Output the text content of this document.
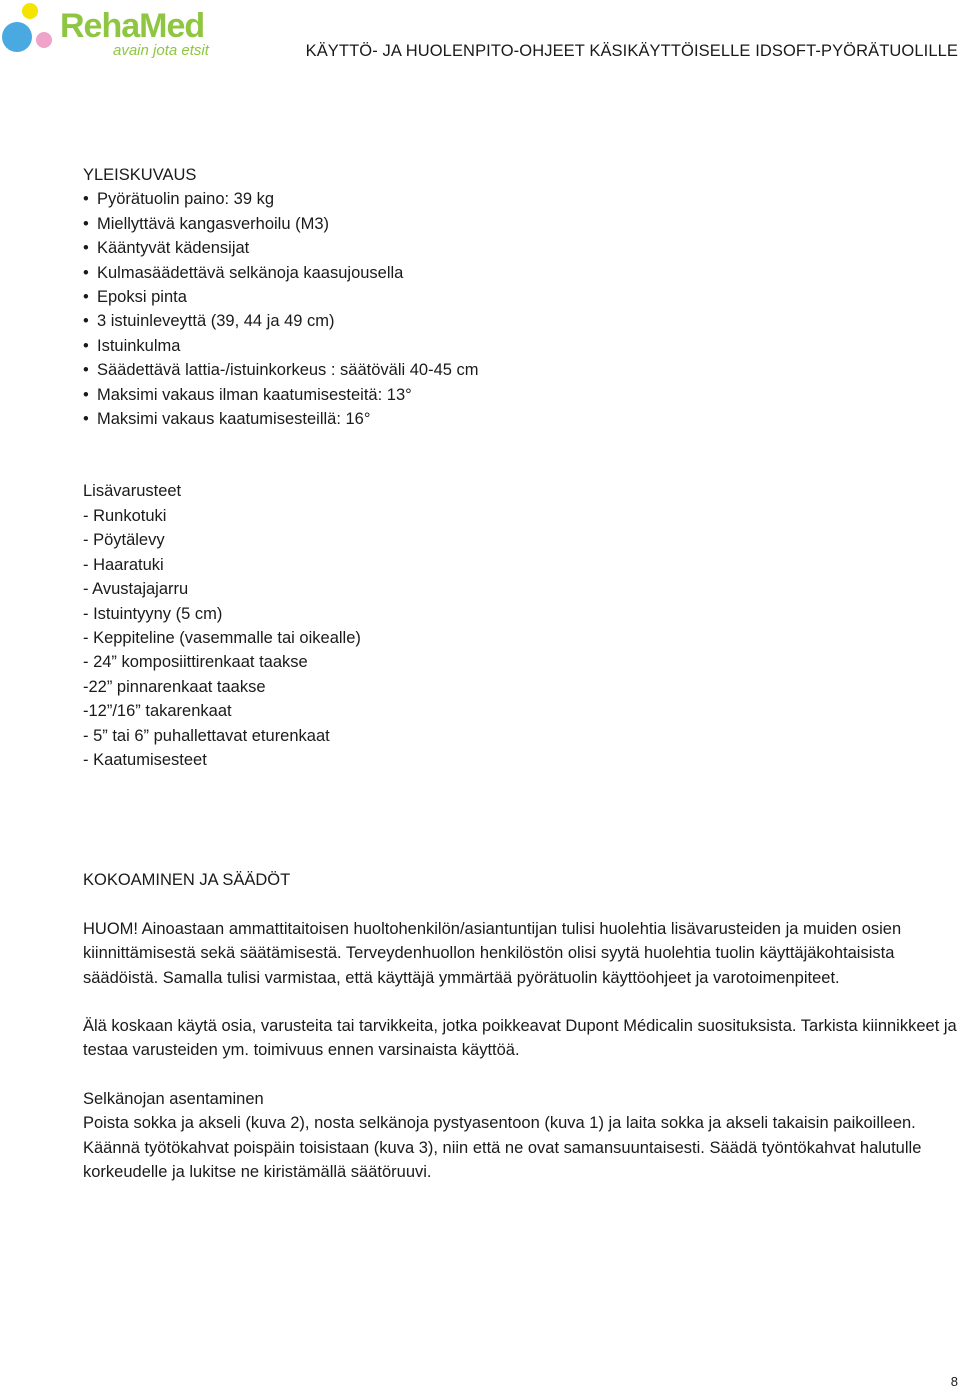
RehaMed
avain jota etsit	KÄYTTÖ- JA HUOLENPITO-OHJEET KÄSIKÄYTTÖISELLE IDSOFT-PYÖRÄTUOLILLE

YLEISKUVAUS

• Pyörätuolin paino: 39 kg
• Miellyttävä kangasverhoilu (M3)
• Kääntyvät kädensijat
• Kulmasäädettävä selkänoja kaasujousella
• Epoksi pinta
• 3 istuinleveyttä (39, 44 ja 49 cm)
• Istuinkulma
• Säädettävä lattia-/istuinkorkeus : säätöväli 40-45 cm
• Maksimi vakaus ilman kaatumisesteitä: 13°
• Maksimi vakaus kaatumisesteillä: 16°

Lisävarusteet

- Runkotuki
- Pöytälevy
- Haaratuki
- Avustajajarru
- Istuintyyny (5 cm)
- Keppiteline (vasemmalle tai oikealle)
- 24” komposiittirenkaat taakse
-22” pinnarenkaat taakse
-12”/16” takarenkaat
- 5” tai 6” puhallettavat eturenkaat
- Kaatumisesteet

KOKOAMINEN JA SÄÄDÖT

HUOM! Ainoastaan ammattitaitoisen huoltohenkilön/asiantuntijan tulisi huolehtia lisävarusteiden ja muiden osien kiinnittämisestä sekä säätämisestä. Terveydenhuollon henkilöstön olisi syytä huolehtia tuolin käyttäjäkohtaisista säädöistä. Samalla tulisi varmistaa, että käyttäjä ymmärtää pyörätuolin käyttöohjeet ja varotoimenpiteet.

Älä koskaan käytä osia, varusteita tai tarvikkeita, jotka poikkeavat Dupont Médicalin suosituksista. Tarkista kiinnikkeet ja testaa varusteiden ym. toimivuus ennen varsinaista käyttöä.

Selkänojan asentaminen

Poista sokka ja akseli (kuva 2), nosta selkänoja pystyasentoon (kuva 1) ja laita sokka ja akseli takaisin paikoilleen. Käännä työtökahvat poispäin toisistaan (kuva 3), niin että ne ovat samansuuntaisesti. Säädä työntökahvat halutulle korkeudelle ja lukitse ne kiristämällä säätöruuvi.

8
